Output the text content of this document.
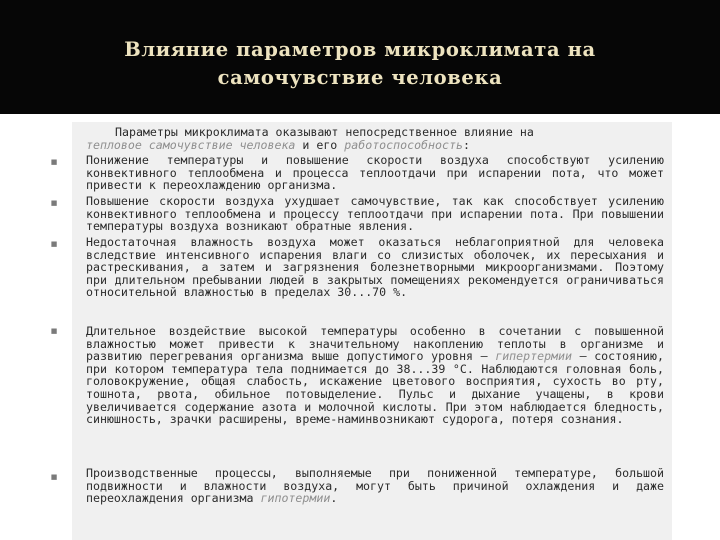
Влияние параметров микроклимата на
самочувствие человека

Параметры микроклимата оказывают непосредственное влияние на
тепловое самочувствие человека и его работоспособность:

Понижение температуры и повышение скорости воздуха способствуют усилению конвективного теплообмена и процесса теплоотдачи при испарении пота, что может привести к переохлаждению организма.
Повышение скорости воздуха ухудшает самочувствие, так как способствует усилению конвективного теплообмена и процессу теплоотдачи при испарении пота. При повышении температуры воздуха возникают обратные явления.
Недостаточная влажность воздуха может оказаться неблагоприятной для человека вследствие интенсивного испарения влаги со слизистых оболочек, их пересыхания и растрескивания, а затем и загрязнения болезнетворными микроорганизмами. Поэтому при длительном пребывании людей в закрытых помещениях рекомендуется ограничиваться относительной влажностью в пределах 30...70 %.
Длительное воздействие высокой температуры особенно в сочетании с повышенной влажностью может привести к значительному накоплению теплоты в организме и развитию перегревания организма выше допустимого уровня — гипертермии — состоянию, при котором температура тела поднимается до 38...39 °С. Наблюдаются головная боль, головокружение, общая слабость, искажение цветового восприятия, сухость во рту, тошнота, рвота, обильное потовыделение. Пульс и дыхание учащены, в крови увеличивается содержание азота и молочной кислоты. При этом наблюдается бледность, синюшность, зрачки расширены, време-наминвозникают судорога, потеря сознания.
Производственные процессы, выполняемые при пониженной температуре, большой подвижности и влажности воздуха, могут быть причиной охлаждения и даже переохлаждения организма гипотермии.
■
■
■
■
■
